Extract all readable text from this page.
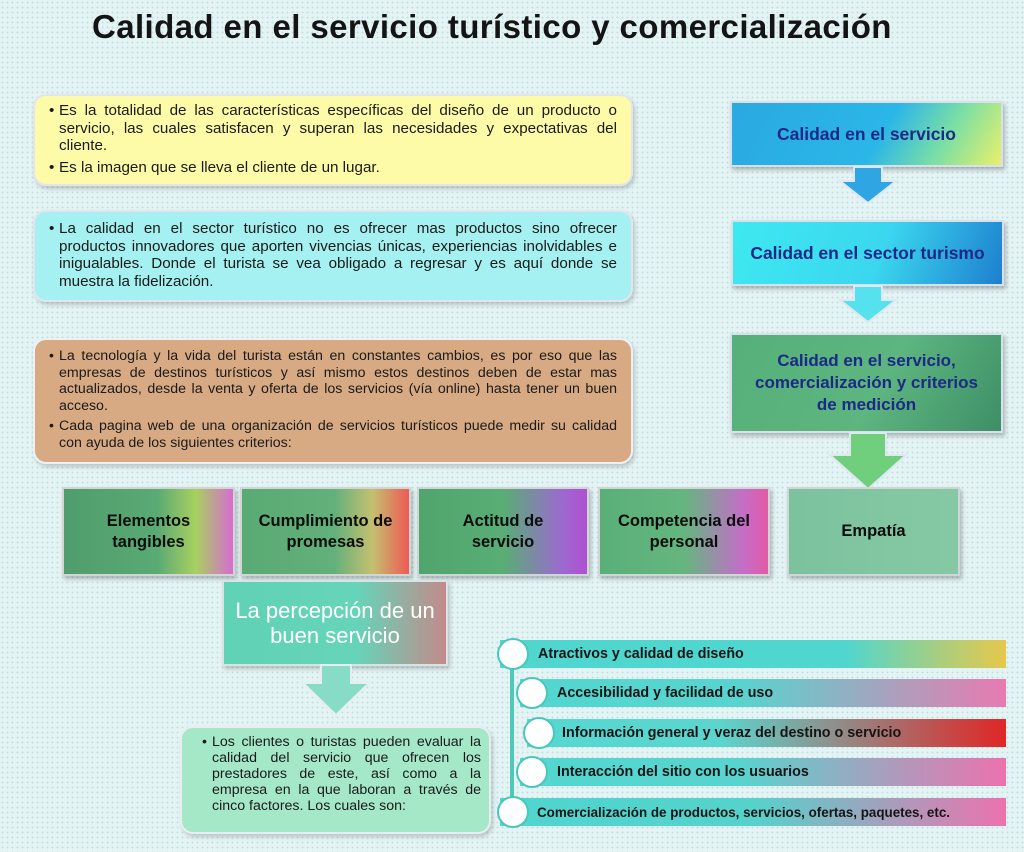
Calidad en el servicio turístico y comercialización
• Es la totalidad de las características específicas del diseño de un producto o servicio, las cuales satisfacen y superan las necesidades y expectativas del cliente.
• Es la imagen que se lleva el cliente de un lugar.
• La calidad en el sector turístico no es ofrecer mas productos sino ofrecer productos innovadores que aporten vivencias únicas, experiencias inolvidables e inigualables. Donde el turista se vea obligado a regresar y es aquí donde se muestra la fidelización.
• La tecnología y la vida del turista están en constantes cambios, es por eso que las empresas de destinos turísticos y así mismo estos destinos deben de estar mas actualizados, desde la venta y oferta de los servicios (vía online) hasta tener un buen acceso.
• Cada pagina web de una organización de servicios turísticos puede medir su calidad con ayuda de los siguientes criterios:
Calidad en el servicio
Calidad en el sector turismo
Calidad en el servicio, comercialización y criterios de medición
Elementos tangibles
Cumplimiento de promesas
Actitud de servicio
Competencia del personal
Empatía
La percepción de un buen servicio
• Los clientes o turistas pueden evaluar la calidad del servicio que ofrecen los prestadores de este, así como a la empresa en la que laboran a través de cinco factores. Los cuales son:
Atractivos y calidad de diseño
Accesibilidad y facilidad de uso
Información general y veraz del destino o servicio
Interacción del sitio con los usuarios
Comercialización de productos, servicios, ofertas, paquetes, etc.
